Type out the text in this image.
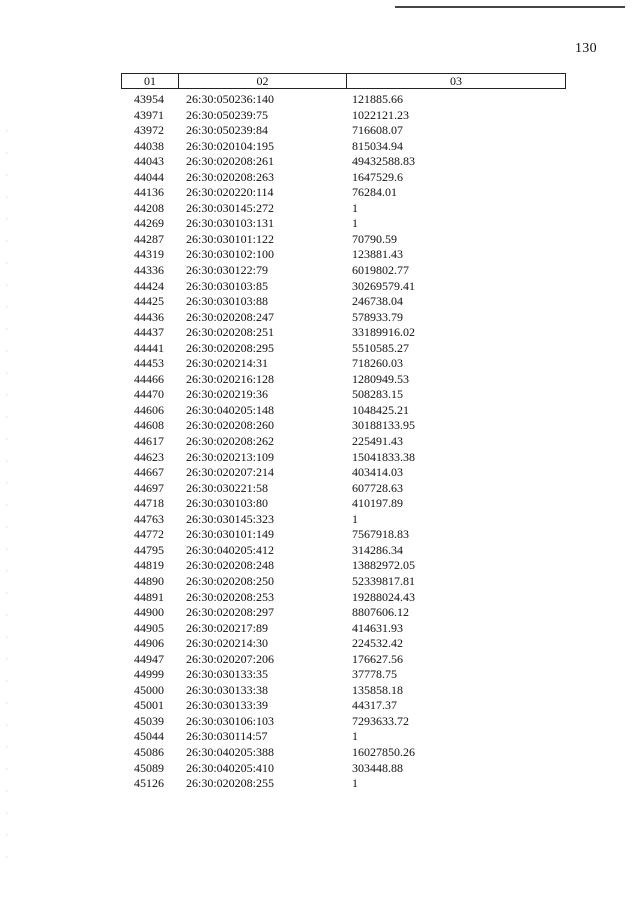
130
01	02	03
43954	26:30:050236:140	121885.66
43971	26:30:050239:75	1022121.23
43972	26:30:050239:84	716608.07
44038	26:30:020104:195	815034.94
44043	26:30:020208:261	49432588.83
44044	26:30:020208:263	1647529.6
44136	26:30:020220:114	76284.01
44208	26:30:030145:272	1
44269	26:30:030103:131	1
44287	26:30:030101:122	70790.59
44319	26:30:030102:100	123881.43
44336	26:30:030122:79	6019802.77
44424	26:30:030103:85	30269579.41
44425	26:30:030103:88	246738.04
44436	26:30:020208:247	578933.79
44437	26:30:020208:251	33189916.02
44441	26:30:020208:295	5510585.27
44453	26:30:020214:31	718260.03
44466	26:30:020216:128	1280949.53
44470	26:30:020219:36	508283.15
44606	26:30:040205:148	1048425.21
44608	26:30:020208:260	30188133.95
44617	26:30:020208:262	225491.43
44623	26:30:020213:109	15041833.38
44667	26:30:020207:214	403414.03
44697	26:30:030221:58	607728.63
44718	26:30:030103:80	410197.89
44763	26:30:030145:323	1
44772	26:30:030101:149	7567918.83
44795	26:30:040205:412	314286.34
44819	26:30:020208:248	13882972.05
44890	26:30:020208:250	52339817.81
44891	26:30:020208:253	19288024.43
44900	26:30:020208:297	8807606.12
44905	26:30:020217:89	414631.93
44906	26:30:020214:30	224532.42
44947	26:30:020207:206	176627.56
44999	26:30:030133:35	37778.75
45000	26:30:030133:38	135858.18
45001	26:30:030133:39	44317.37
45039	26:30:030106:103	7293633.72
45044	26:30:030114:57	1
45086	26:30:040205:388	16027850.26
45089	26:30:040205:410	303448.88
45126	26:30:020208:255	1
